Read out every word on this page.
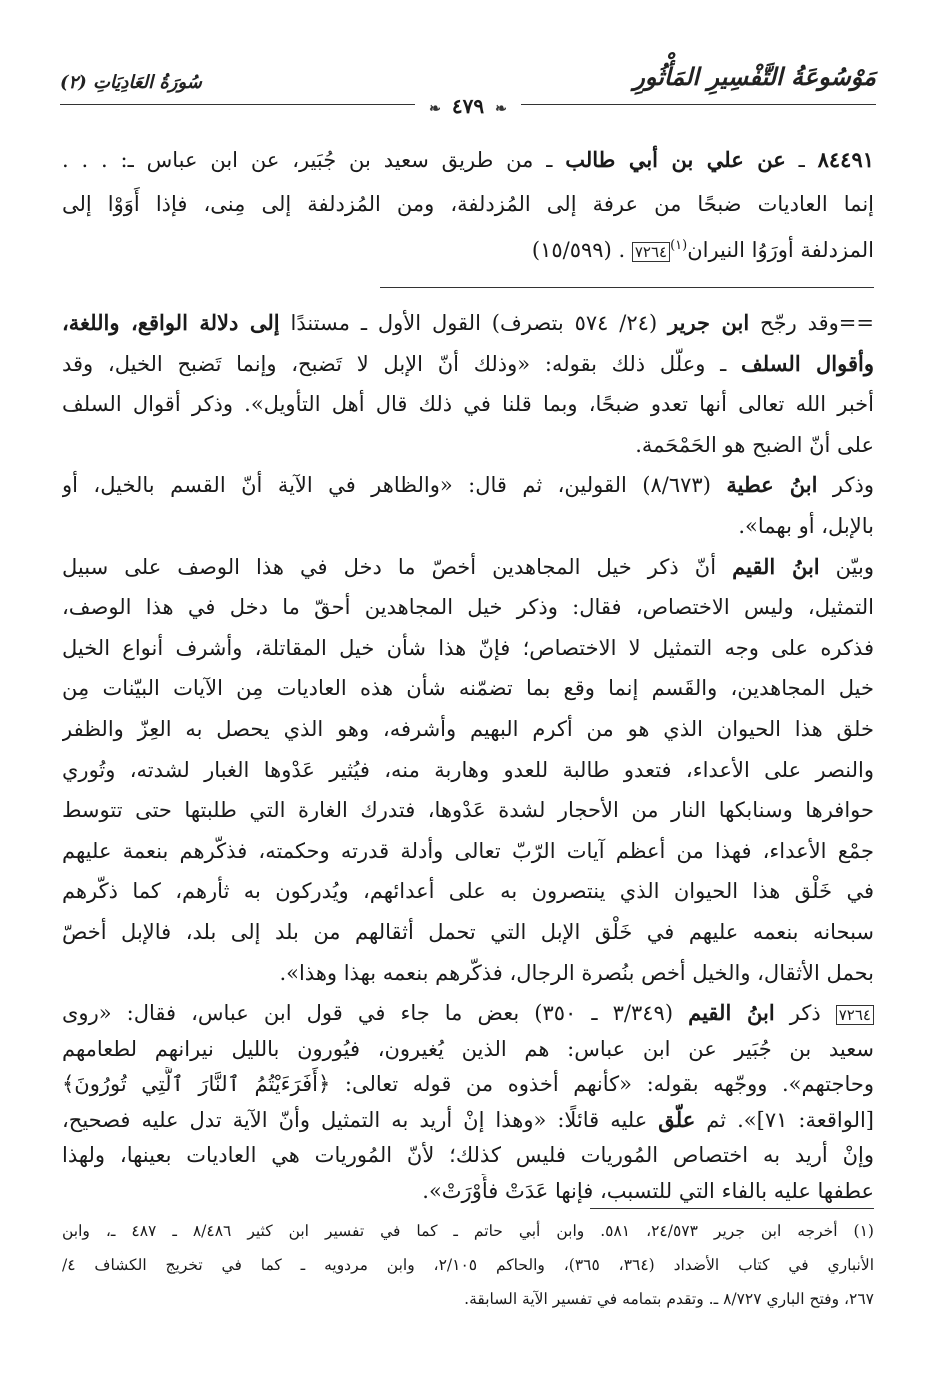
مَوْسُوعَةُ التَّفْسِيرِ المَأْثُورِ
سُورَةُ العَادِيَاتِ (٢)
❧ ٤٧٩ ❧
٨٤٤٩١ ـ عن علي بن أبي طالب ـ من طريق سعيد بن جُبَير، عن ابن عباس ـ: . . .
إنما العاديات ضبحًا من عرفة إلى المُزدلفة، ومن المُزدلفة إلى مِنى، فإذا أَوَوْا إلى
المزدلفة أورَوُا النيران$^{(١)}$٧٢٦٤ . (١٥/٥٩٩)
==وقد رجّح ابن جرير (٢٤/ ٥٧٤ بتصرف) القول الأول ـ مستندًا إلى دلالة الواقع، واللغة،
وأقوال السلف ـ وعلّل ذلك بقوله: «وذلك أنّ الإبل لا تَضبح، وإنما تَضبح الخيل، وقد
أخبر الله تعالى أنها تعدو ضبحًا، وبما قلنا في ذلك قال أهل التأويل». وذكر أقوال السلف
على أنّ الضبح هو الحَمْحَمة.
وذكر ابنُ عطية (٨/٦٧٣) القولين، ثم قال: «والظاهر في الآية أنّ القسم بالخيل، أو
بالإبل، أو بهما».
وبيّن ابنُ القيم أنّ ذكر خيل المجاهدين أخصّ ما دخل في هذا الوصف على سبيل
التمثيل، وليس الاختصاص، فقال: وذكر خيل المجاهدين أحقّ ما دخل في هذا الوصف،
فذكره على وجه التمثيل لا الاختصاص؛ فإنّ هذا شأن خيل المقاتلة، وأشرف أنواع الخيل
خيل المجاهدين، والقَسم إنما وقع بما تضمّنه شأن هذه العاديات مِن الآيات البيّنات مِن
خلق هذا الحيوان الذي هو من أكرم البهيم وأشرفه، وهو الذي يحصل به العِزّ والظفر
والنصر على الأعداء، فتعدو طالبة للعدو وهاربة منه، فيُثير عَدْوها الغبار لشدته، وتُوري
حوافرها وسنابكها النار من الأحجار لشدة عَدْوها، فتدرك الغارة التي طلبتها حتى تتوسط
جمْع الأعداء، فهذا من أعظم آيات الرّبّ تعالى وأدلة قدرته وحكمته، فذكّرهم بنعمة عليهم
في خَلْق هذا الحيوان الذي ينتصرون به على أعدائهم، ويُدركون به ثأرهم، كما ذكّرهم
سبحانه بنعمه عليهم في خَلْق الإبل التي تحمل أثقالهم من بلد إلى بلد، فالإبل أخصّ
بحمل الأثقال، والخيل أخص بنُصرة الرجال، فذكّرهم بنعمه بهذا وهذا».
٧٢٦٤ ذكر ابنُ القيم (٣/٣٤٩ ـ ٣٥٠) بعض ما جاء في قول ابن عباس، فقال: «روى
سعيد بن جُبَير عن ابن عباس: هم الذين يُغيرون، فيُورون بالليل نيرانهم لطعامهم
وحاجتهم». ووجّهه بقوله: «كأنهم أخذوه من قوله تعالى: ﴿أَفَرَءَيْتُمُ ٱلنَّارَ ٱلَّتِي تُورُونَ﴾
[الواقعة: ٧١]». ثم علّق عليه قائلًا: «وهذا إنْ أريد به التمثيل وأنّ الآية تدل عليه فصحيح،
وإنْ أريد به اختصاص المُوريات فليس كذلك؛ لأنّ المُوريات هي العاديات بعينها، ولهذا
عطفها عليه بالفاء التي للتسبب، فإنها عَدَتْ فأَوْرَتْ».
(١) أخرجه ابن جرير ٢٤/٥٧٣، ٥٨١. وابن أبي حاتم ـ كما في تفسير ابن كثير ٨/٤٨٦ ـ ٤٨٧ ـ، وابن
الأنباري في كتاب الأضداد (٣٦٤، ٣٦٥)، والحاكم ٢/١٠٥، وابن مردويه ـ كما في تخريج الكشاف ٤/
٢٦٧، وفتح الباري ٨/٧٢٧ ـ. وتقدم بتمامه في تفسير الآية السابقة.
